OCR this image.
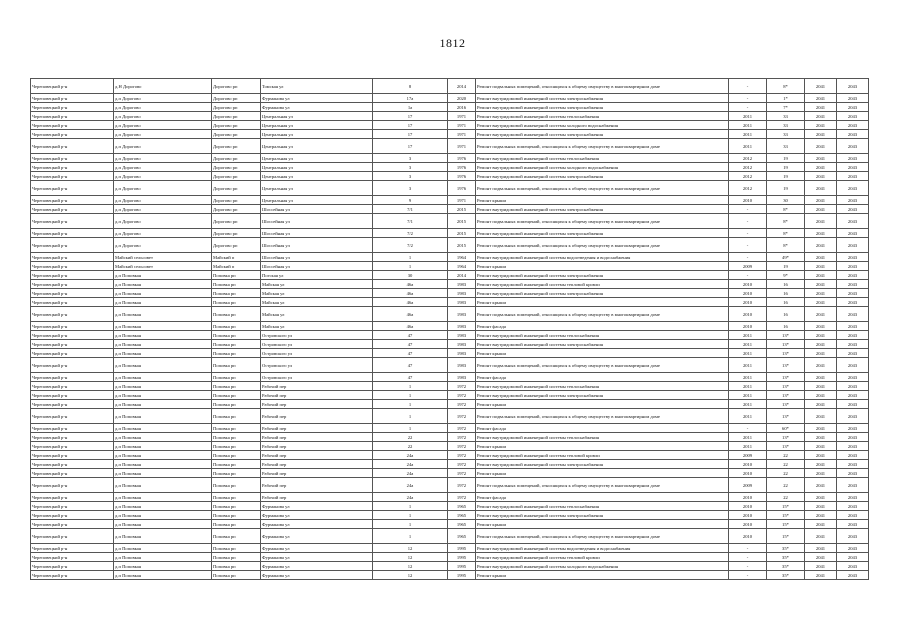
1812
Череповецкий р-н	д.Н Дорогово	Дорогово рп	Томская ул	8	2014	Ремонт подвальных помещений, относящихся к общему имуществу в многоквартирном доме	-	8*	2041	2043
Череповецкий р-н	д.п Дорогово	Дорогово рп	Фурманова ул	17а	2020	Ремонт внутридомовой инженерной системы электроснабжения	-	1*	2041	2043
Череповецкий р-н	д.п Дорогово	Дорогово рп	Фурманова ул	1а	2016	Ремонт внутридомовой инженерной системы электроснабжения	-	7*	2041	2043
Череповецкий р-н	д.п Дорогово	Дорогово рп	Центральная ул	17	1971	Ремонт внутридомовой инженерной системы теплоснабжения	2011	33	2041	2043
Череповецкий р-н	д.п Дорогово	Дорогово рп	Центральная ул	17	1971	Ремонт внутридомовой инженерной системы холодного водоснабжения	2011	33	2041	2043
Череповецкий р-н	д.п Дорогово	Дорогово рп	Центральная ул	17	1971	Ремонт внутридомовой инженерной системы электроснабжения	2011	33	2041	2043
Череповецкий р-н	д.п Дорогово	Дорогово рп	Центральная ул	17	1971	Ремонт подвальных помещений, относящихся к общему имуществу в многоквартирном доме	2011	33	2041	2043
Череповецкий р-н	д.п Дорогово	Дорогово рп	Центральная ул	3	1976	Ремонт внутридомовой инженерной системы теплоснабжения	2012	19	2041	2043
Череповецкий р-н	д.п Дорогово	Дорогово рп	Центральная ул	3	1976	Ремонт внутридомовой инженерной системы холодного водоснабжения	2012	19	2041	2043
Череповецкий р-н	д.п Дорогово	Дорогово рп	Центральная ул	3	1976	Ремонт внутридомовой инженерной системы электроснабжения	2012	19	2041	2043
Череповецкий р-н	д.п Дорогово	Дорогово рп	Центральная ул	3	1976	Ремонт подвальных помещений, относящихся к общему имуществу в многоквартирном доме	2012	19	2041	2043
Череповецкий р-н	д.п Дорогово	Дорогово рп	Центральная ул	9	1971	Ремонт крыши	2010	30	2041	2043
Череповецкий р-н	д.п Дорогово	Дорогово рп	Шоссейная ул	7/1	2015	Ремонт внутридомовой инженерной системы электроснабжения	-	8*	2041	2043
Череповецкий р-н	д.п Дорогово	Дорогово рп	Шоссейная ул	7/1	2015	Ремонт подвальных помещений, относящихся к общему имуществу в многоквартирном доме	-	8*	2041	2043
Череповецкий р-н	д.п Дорогово	Дорогово рп	Шоссейная ул	7/2	2015	Ремонт внутридомовой инженерной системы электроснабжения	-	8*	2041	2043
Череповецкий р-н	д.п Дорогово	Дорогово рп	Шоссейная ул	7/2	2015	Ремонт подвальных помещений, относящихся к общему имуществу в многоквартирном доме	-	8*	2041	2043
Череповецкий р-н	Майский сельсовет	Майский п	Шоссейная ул	1	1964	Ремонт внутридомовой инженерной системы водоотведения и водоснабжения	-	49*	2041	2043
Череповецкий р-н	Майский сельсовет	Майский п	Шоссейная ул	1	1964	Ремонт крыши	2009	19	2041	2043
Череповецкий р-н	д.п Поповкая	Поповка рп	Погская ул	30	2014	Ремонт внутридомовой инженерной системы электроснабжения	-	9*	2041	2043
Череповецкий р-н	д.п Поповкая	Поповка рп	Майская ул	46а	1983	Ремонт внутридомовой инженерной системы тепловой кровли	2010	16	2041	2043
Череповецкий р-н	д.п Поповкая	Поповка рп	Майская ул	46а	1983	Ремонт внутридомовой инженерной системы электроснабжения	2010	16	2041	2043
Череповецкий р-н	д.п Поповкая	Поповка рп	Майская ул	46а	1983	Ремонт крыши	2010	16	2041	2043
Череповецкий р-н	д.п Поповкая	Поповка рп	Майская ул	46а	1983	Ремонт подвальных помещений, относящихся к общему имуществу в многоквартирном доме	2010	16	2041	2043
Череповецкий р-н	д.п Поповкая	Поповка рп	Майская ул	46а	1983	Ремонт фасада	2010	16	2041	2043
Череповецкий р-н	д.п Поповкая	Поповка рп	Островского ул	47	1983	Ремонт внутридомовой инженерной системы теплоснабжения	2011	13*	2041	2043
Череповецкий р-н	д.п Поповкая	Поповка рп	Островского ул	47	1983	Ремонт внутридомовой инженерной системы электроснабжения	2011	13*	2041	2043
Череповецкий р-н	д.п Поповкая	Поповка рп	Островского ул	47	1983	Ремонт крыши	2011	13*	2041	2043
Череповецкий р-н	д.п Поповкая	Поповка рп	Островского ул	47	1983	Ремонт подвальных помещений, относящихся к общему имуществу в многоквартирном доме	2011	13*	2041	2043
Череповецкий р-н	д.п Поповкая	Поповка рп	Островского ул	47	1983	Ремонт фасада	2011	13*	2041	2043
Череповецкий р-н	д.п Поповкая	Поповка рп	Рабочий пер	1	1972	Ремонт внутридомовой инженерной системы теплоснабжения	2011	13*	2041	2043
Череповецкий р-н	д.п Поповкая	Поповка рп	Рабочий пер	1	1972	Ремонт внутридомовой инженерной системы электроснабжения	2011	13*	2041	2043
Череповецкий р-н	д.п Поповкая	Поповка рп	Рабочий пер	1	1972	Ремонт крыши	2011	13*	2041	2043
Череповецкий р-н	д.п Поповкая	Поповка рп	Рабочий пер	1	1972	Ремонт подвальных помещений, относящихся к общему имуществу в многоквартирном доме	2011	13*	2041	2043
Череповецкий р-н	д.п Поповкая	Поповка рп	Рабочий пер	1	1972	Ремонт фасада	-	60*	2041	2043
Череповецкий р-н	д.п Поповкая	Поповка рп	Рабочий пер	22	1972	Ремонт внутридомовой инженерной системы теплоснабжения	2011	13*	2041	2043
Череповецкий р-н	д.п Поповкая	Поповка рп	Рабочий пер	22	1972	Ремонт крыши	2011	13*	2041	2043
Череповецкий р-н	д.п Поповкая	Поповка рп	Рабочий пер	24а	1972	Ремонт внутридомовой инженерной системы тепловой кровли	2009	22	2041	2043
Череповецкий р-н	д.п Поповкая	Поповка рп	Рабочий пер	24а	1972	Ремонт внутридомовой инженерной системы электроснабжения	2010	22	2041	2043
Череповецкий р-н	д.п Поповкая	Поповка рп	Рабочий пер	24а	1972	Ремонт крыши	2010	22	2041	2043
Череповецкий р-н	д.п Поповкая	Поповка рп	Рабочий пер	24а	1972	Ремонт подвальных помещений, относящихся к общему имуществу в многоквартирном доме	2009	22	2041	2043
Череповецкий р-н	д.п Поповкая	Поповка рп	Рабочий пер	24а	1972	Ремонт фасада	2010	22	2041	2043
Череповецкий р-н	д.п Поповкая	Поповка рп	Фурманова ул	1	1965	Ремонт внутридомовой инженерной системы теплоснабжения	2010	15*	2041	2043
Череповецкий р-н	д.п Поповкая	Поповка рп	Фурманова ул	1	1965	Ремонт внутридомовой инженерной системы электроснабжения	2010	15*	2041	2043
Череповецкий р-н	д.п Поповкая	Поповка рп	Фурманова ул	1	1965	Ремонт крыши	2010	15*	2041	2043
Череповецкий р-н	д.п Поповкая	Поповка рп	Фурманова ул	1	1965	Ремонт подвальных помещений, относящихся к общему имуществу в многоквартирном доме	2010	15*	2041	2043
Череповецкий р-н	д.п Поповкая	Поповка рп	Фурманова ул	12	1995	Ремонт внутридомовой инженерной системы водоотведения и водоснабжения	-	35*	2041	2043
Череповецкий р-н	д.п Поповкая	Поповка рп	Фурманова ул	12	1995	Ремонт внутридомовой инженерной системы тепловой кровли	-	35*	2041	2043
Череповецкий р-н	д.п Поповкая	Поповка рп	Фурманова ул	12	1995	Ремонт внутридомовой инженерной системы холодного водоснабжения	-	35*	2041	2043
Череповецкий р-н	д.п Поповкая	Поповка рп	Фурманова ул	12	1995	Ремонт крыши	-	35*	2041	2043
